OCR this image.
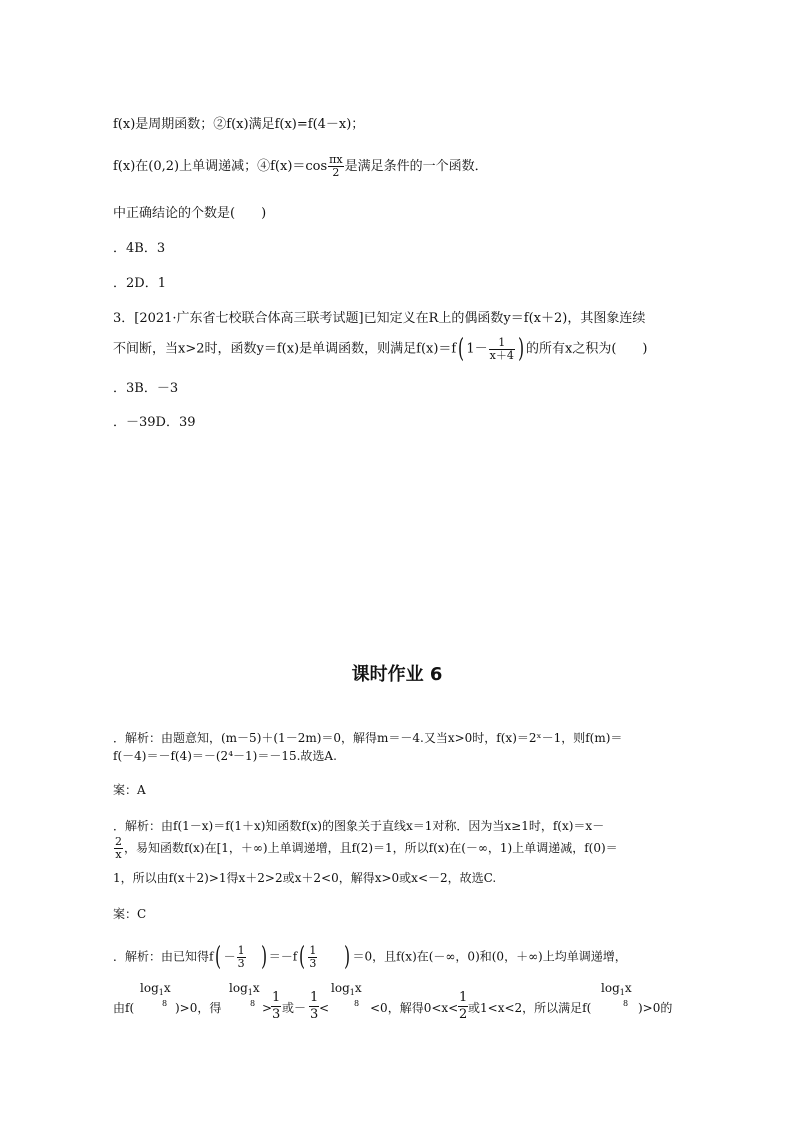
f(x)是周期函数；②f(x)满足f(x)=f(4－x)；
f(x)在(0,2)上单调递减；④f(x)＝cos $\frac{\pi x}{2}$ 是满足条件的一个函数．
中正确结论的个数是(　　)
．4B．3
．2D．1
3．[2021·广东省七校联合体高三联考试题]已知定义在R上的偶函数y＝f(x＋2)，其图象连续
不间断，当x>2时，函数y＝f(x)是单调函数，则满足f(x)＝f( $1- \frac{1}{x+4}$ ) 的所有x之积为(　　)
．3B．－3
．－39D．39
课时作业 6
．解析：由题意知，(m－5)＋(1－2m)＝0，解得m＝－4.又当x>0时，f(x)＝2ˣ－1，则f(m)＝
f(－4)＝－f(4)＝－(2⁴－1)＝－15.故选A.
案：A
．解析：由f(1－x)＝f(1＋x)知函数f(x)的图象关于直线x＝1对称．因为当x≥1时，f(x)＝x－
$\frac{2}{x}$ ，易知函数f(x)在[1，＋∞)上单调递增，且f(2)＝1，所以f(x)在(－∞，1)上单调递减，f(0)＝
1，所以由f(x＋2)>1得x＋2>2或x＋2<0，解得x>0或x<－2，故选C.
案：C
．解析：由已知得$f( - \frac{1}{3}$
  ) $=-f( \frac{1}{3}$
   ) ＝0，且f(x)在(－∞，0)和(0，＋∞)上均单调递增，
$\log_1x$
8
$\log_1x$
8
$\log_1x$
8
$\log_1x$
8
由f(	)>0，得	>
$\frac{1}{3}$ 或－ $\frac{1}{3}$ <	<0，解得$0<x< \frac{1}{2}$ 或1<x<2，所以满足f(	)>0的
